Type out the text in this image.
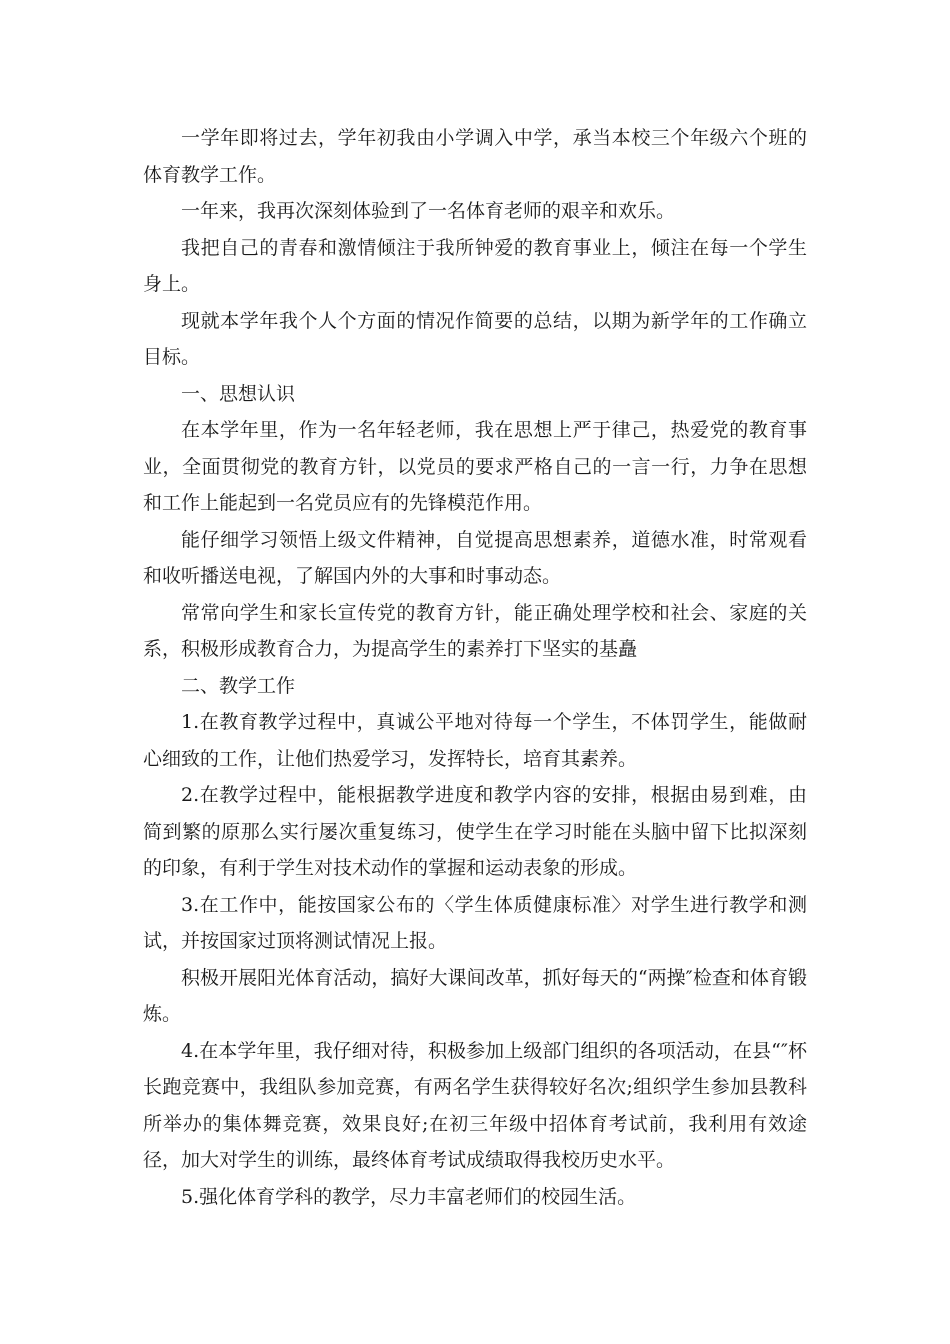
一学年即将过去，学年初我由小学调入中学，承当本校三个年级六个班的体育教学工作。

一年来，我再次深刻体验到了一名体育老师的艰辛和欢乐。

我把自己的青春和激情倾注于我所钟爱的教育事业上，倾注在每一个学生身上。

现就本学年我个人个方面的情况作简要的总结，以期为新学年的工作确立目标。

一、思想认识

在本学年里，作为一名年轻老师，我在思想上严于律己，热爱党的教育事业，全面贯彻党的教育方针，以党员的要求严格自己的一言一行，力争在思想和工作上能起到一名党员应有的先锋模范作用。

能仔细学习领悟上级文件精神，自觉提高思想素养，道德水准，时常观看和收听播送电视，了解国内外的大事和时事动态。

常常向学生和家长宣传党的教育方针，能正确处理学校和社会、家庭的关系，积极形成教育合力，为提高学生的素养打下坚实的基矗

二、教学工作

1.在教育教学过程中，真诚公平地对待每一个学生，不体罚学生，能做耐心细致的工作，让他们热爱学习，发挥特长，培育其素养。

2.在教学过程中，能根据教学进度和教学内容的安排，根据由易到难，由简到繁的原那么实行屡次重复练习，使学生在学习时能在头脑中留下比拟深刻的印象，有利于学生对技术动作的掌握和运动表象的形成。

3.在工作中，能按国家公布的〈学生体质健康标准〉对学生进行教学和测试，并按国家过顶将测试情况上报。

积极开展阳光体育活动，搞好大课间改革，抓好每天的“两操″检查和体育锻炼。

4.在本学年里，我仔细对待，积极参加上级部门组织的各项活动，在县“″杯长跑竞赛中，我组队参加竞赛，有两名学生获得较好名次;组织学生参加县教科所举办的集体舞竞赛，效果良好;在初三年级中招体育考试前，我利用有效途径，加大对学生的训练，最终体育考试成绩取得我校历史水平。

5.强化体育学科的教学，尽力丰富老师们的校园生活。
